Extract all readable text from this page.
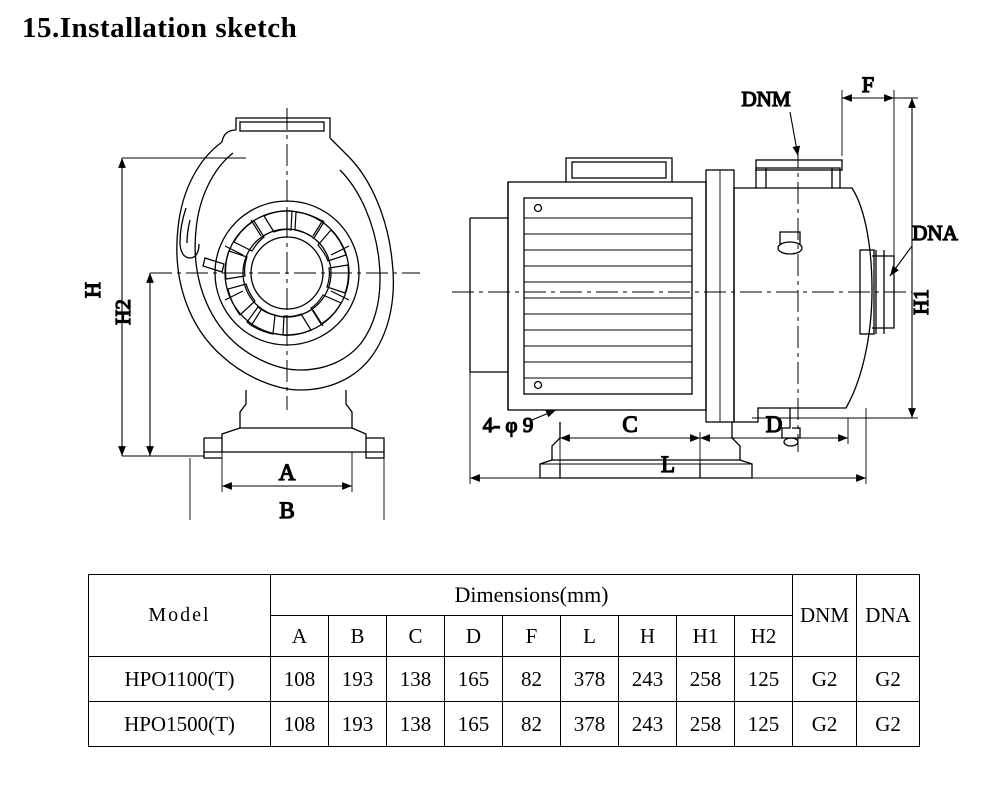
15.Installation sketch
H
H2
A
B
DNM
F
DNA
H1
4- φ 9	C	D
L
Model	Dimensions(mm)									DNM	DNA
	A	B	C	D	F	L	H	H1	H2		
HPO1100(T)	108	193	138	165	82	378	243	258	125	G2	G2
HPO1500(T)	108	193	138	165	82	378	243	258	125	G2	G2
